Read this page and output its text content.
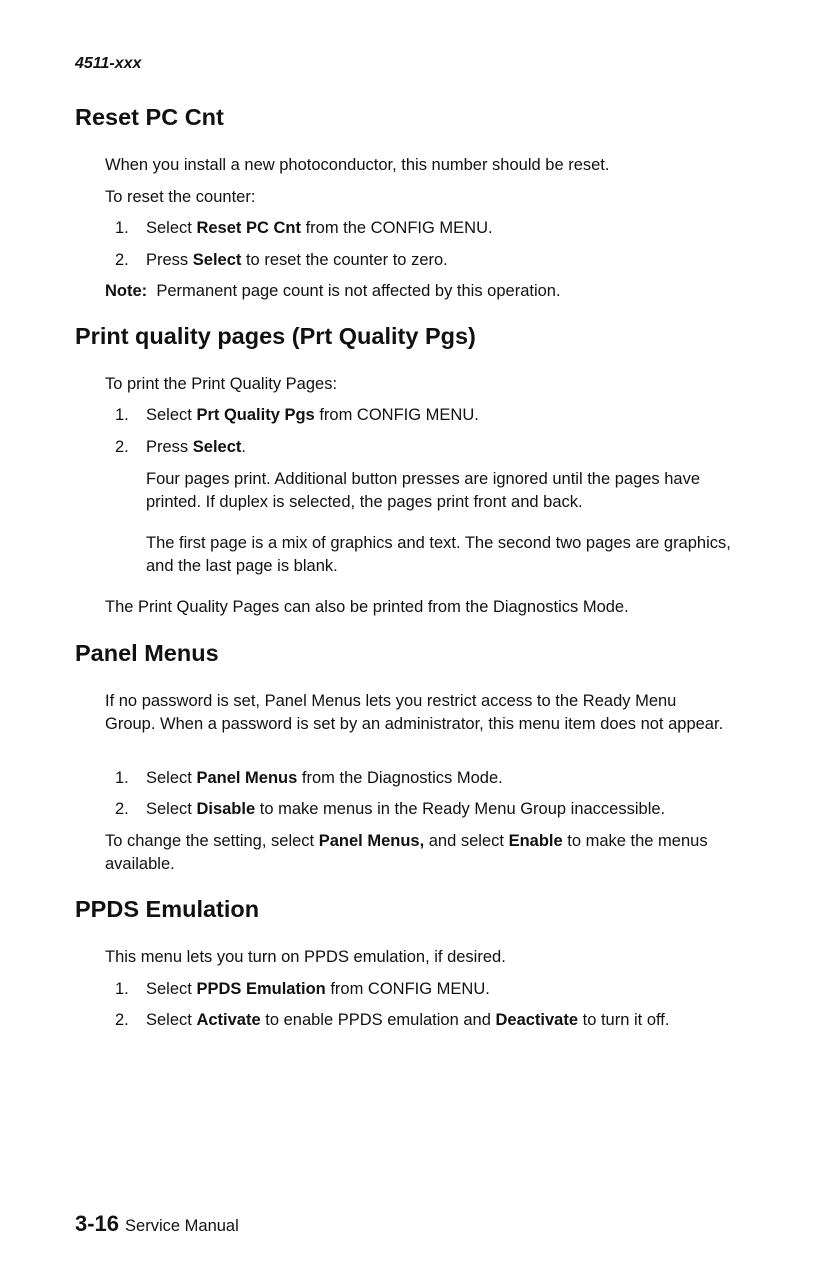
4511-xxx
Reset PC Cnt

When you install a new photoconductor, this number should be reset.

To reset the counter:

1.	Select Reset PC Cnt from the CONFIG MENU.
2.	Press Select to reset the counter to zero.

Note: Permanent page count is not affected by this operation.

Print quality pages (Prt Quality Pgs)

To print the Print Quality Pages:

1.	Select Prt Quality Pgs from CONFIG MENU.
2.	Press Select.

Four pages print. Additional button presses are ignored until the pages have printed. If duplex is selected, the pages print front and back.

The first page is a mix of graphics and text. The second two pages are graphics, and the last page is blank.

The Print Quality Pages can also be printed from the Diagnostics Mode.

Panel Menus

If no password is set, Panel Menus lets you restrict access to the Ready Menu Group. When a password is set by an administrator, this menu item does not appear.

1.	Select Panel Menus from the Diagnostics Mode.
2.	Select Disable to make menus in the Ready Menu Group inaccessible.

To change the setting, select Panel Menus, and select Enable to make the menus available.

PPDS Emulation

This menu lets you turn on PPDS emulation, if desired.

1.	Select PPDS Emulation from CONFIG MENU.
2.	Select Activate to enable PPDS emulation and Deactivate to turn it off.
3-16 Service Manual
